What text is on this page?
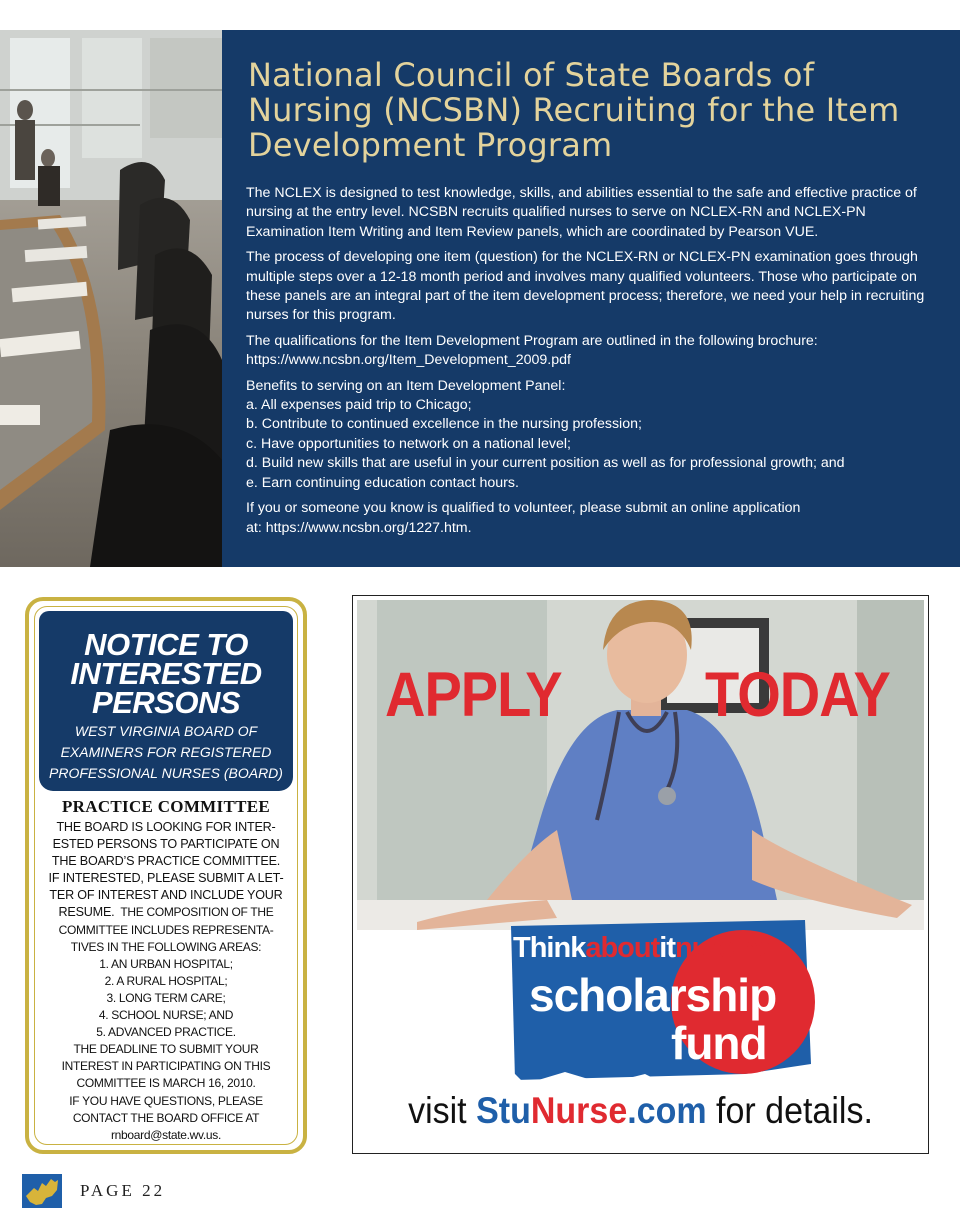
National Council of State Boards of
Nursing (NCSBN) Recruiting for the Item
Development Program

The NCLEX is designed to test knowledge, skills, and abilities essential to the safe and effective practice of nursing at the entry level. NCSBN recruits qualified nurses to serve on NCLEX-RN and NCLEX-PN Examination Item Writing and Item Review panels, which are coordinated by Pearson VUE.

The process of developing one item (question) for the NCLEX-RN or NCLEX-PN examination goes through multiple steps over a 12-18 month period and involves many qualified volunteers. Those who participate on these panels are an integral part of the item development process; therefore, we need your help in recruiting nurses for this program.

The qualifications for the Item Development Program are outlined in the following brochure: https://www.ncsbn.org/Item_Development_2009.pdf

Benefits to serving on an Item Development Panel:
a. All expenses paid trip to Chicago;
b. Contribute to continued excellence in the nursing profession;
c. Have opportunities to network on a national level;
d. Build new skills that are useful in your current position as well as for professional growth; and
e. Earn continuing education contact hours.

If you or someone you know is qualified to volunteer, please submit an online application
at: https://www.ncsbn.org/1227.htm.

NOTICE TO
INTERESTED
PERSONS
WEST VIRGINIA BOARD OF
EXAMINERS FOR REGISTERED
PROFESSIONAL NURSES (BOARD)
PRACTICE COMMITTEE
THE BOARD IS LOOKING FOR INTER-
ESTED PERSONS TO PARTICIPATE ON
THE BOARD’S PRACTICE COMMITTEE.
IF INTERESTED, PLEASE SUBMIT A LET-
TER OF INTEREST AND INCLUDE YOUR
RESUME.  THE COMPOSITION OF THE
COMMITTEE INCLUDES REPRESENTA-
TIVES IN THE FOLLOWING AREAS:
1. AN URBAN HOSPITAL;
2. A RURAL HOSPITAL;
3. LONG TERM CARE;
4. SCHOOL NURSE; AND
5. ADVANCED PRACTICE.
THE DEADLINE TO SUBMIT YOUR
INTEREST IN PARTICIPATING ON THIS
COMMITTEE IS MARCH 16, 2010.
IF YOU HAVE QUESTIONS, PLEASE
CONTACT THE BOARD OFFICE AT
rnboard@state.wv.us.
APPLY	TODAY
Thinkaboutitnursing
scholarship
fund
visit StuNurse.com for details.
PAGE 22
